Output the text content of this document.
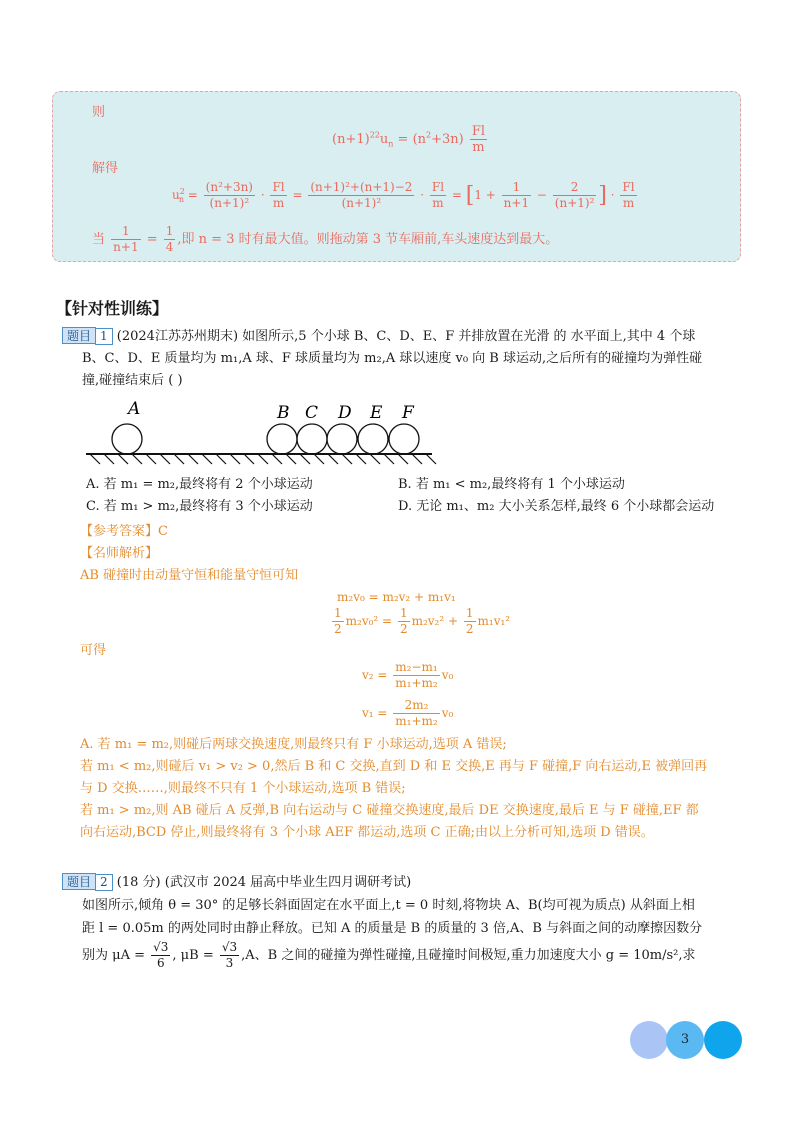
则
$(n+1)^{22}u_n = (n^2+3n) \frac{Fl}{m}$
解得
$u^2_n = \frac{\text{(n²+3n)}}{\text{(n+1)²}} \cdot \frac{Fl}{m} = \frac{\text{(n+1)²+(n+1)−2}}{\text{(n+1)²}} \cdot \frac{Fl}{m} = [1 + \frac{1}{n+1} - \frac{2}{\text{(n+1)²}}$ ] · $\frac{Fl}{m}$
当 $\frac{1}{n+1} = \frac{1}{4}$ ,即 n = 3 时有最大值。则拖动第 3 节车厢前,车头速度达到最大。
【针对性训练】
题目 1 (2024江苏苏州期末) 如图所示,5 个小球 B、C、D、E、F 并排放置在光滑 的 水平面上,其中 4 个球
B、C、D、E 质量均为 m₁,A 球、F 球质量均为 m₂,A 球以速度 v₀ 向 B 球运动,之后所有的碰撞均为弹性碰
撞,碰撞结束后 ( )
A	B C D E F
A. 若 m₁ = m₂,最终将有 2 个小球运动	B. 若 m₁ < m₂,最终将有 1 个小球运动
C. 若 m₁ > m₂,最终将有 3 个小球运动	D. 无论 m₁、m₂ 大小关系怎样,最终 6 个小球都会运动
【参考答案】C
【名师解析】
AB 碰撞时由动量守恒和能量守恒可知
m₂v₀ = m₂v₂ + m₁v₁
$\frac{1}{2} m_2v_0^2 = \frac{1}{2} m_2v_2^2 + \frac{1}{2} m_1v_1^2$
可得
$v_2 = \frac{\text{m₂−m₁}}{\text{m₁+m₂}} v_0$
$v_1 = \frac{\text{2m₂}}{\text{m₁+m₂}} v_0$
A. 若 m₁ = m₂,则碰后两球交换速度,则最终只有 F 小球运动,选项 A 错误;
若 m₁ < m₂,则碰后 v₁ > v₂ > 0,然后 B 和 C 交换,直到 D 和 E 交换,E 再与 F 碰撞,F 向右运动,E 被弹回再
与 D 交换……,则最终不只有 1 个小球运动,选项 B 错误;
若 m₁ > m₂,则 AB 碰后 A 反弹,B 向右运动与 C 碰撞交换速度,最后 DE 交换速度,最后 E 与 F 碰撞,EF 都
向右运动,BCD 停止,则最终将有 3 个小球 AEF 都运动,选项 C 正确;由以上分析可知,选项 D 错误。
题目 2 (18 分) (武汉市 2024 届高中毕业生四月调研考试)
如图所示,倾角 θ = 30° 的足够长斜面固定在水平面上,t = 0 时刻,将物块 A、B(均可视为质点) 从斜面上相
距 l = 0.05m 的两处同时由静止释放。已知 A 的质量是 B 的质量的 3 倍,A、B 与斜面之间的动摩擦因数分
别为 $\mu A = \frac{√3}{6}$ , $\mu B = \frac{√3}{3} ,A$、B 之间的碰撞为弹性碰撞,且碰撞时间极短,重力加速度大小 g = 10m/s²,求
3
